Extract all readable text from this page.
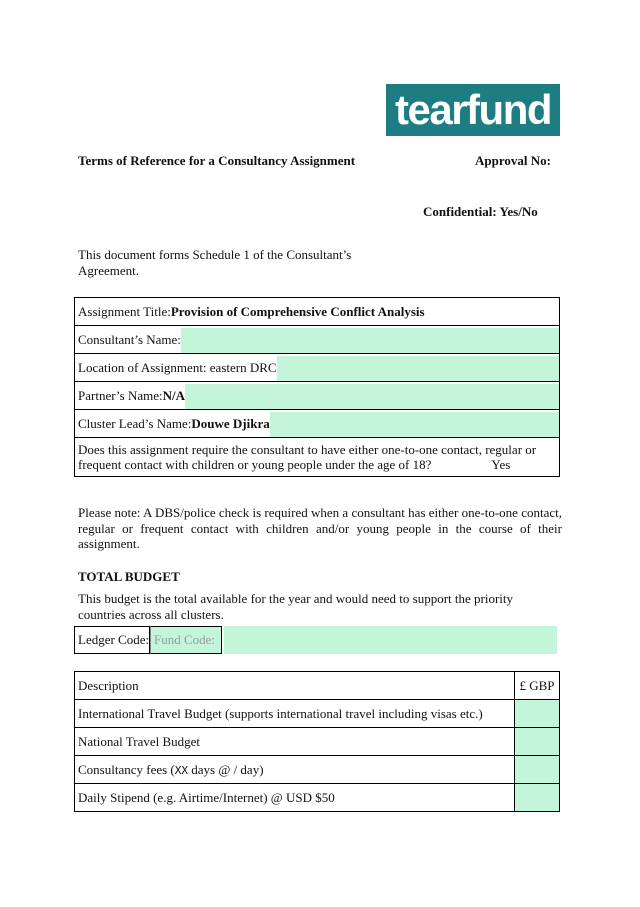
tearfund
Terms of Reference for a Consultancy Assignment	Approval No:
Confidential: Yes/No
This document forms Schedule 1 of the Consultant’s Agreement.
Assignment Title: Provision of Comprehensive Conflict Analysis

Consultant’s Name:

Location of Assignment: eastern DRC

Partner’s Name: N/A

Cluster Lead’s Name: Douwe Djikra

Does this assignment require the consultant to have either one-to-one contact, regular or frequent contact with children or young people under the age of 18?	Yes
Please note: A DBS/police check is required when a consultant has either one-to-one contact, regular or frequent contact with children and/or young people in the course of their assignment.
TOTAL BUDGET
This budget is the total available for the year and would need to support the priority countries across all clusters.
Ledger Code: Fund Code:
Description	£ GBP
International Travel Budget (supports international travel including visas etc.)	

National Travel Budget	

Consultancy fees (XX days @ / day)	

Daily Stipend (e.g. Airtime/Internet) @ USD $50	
